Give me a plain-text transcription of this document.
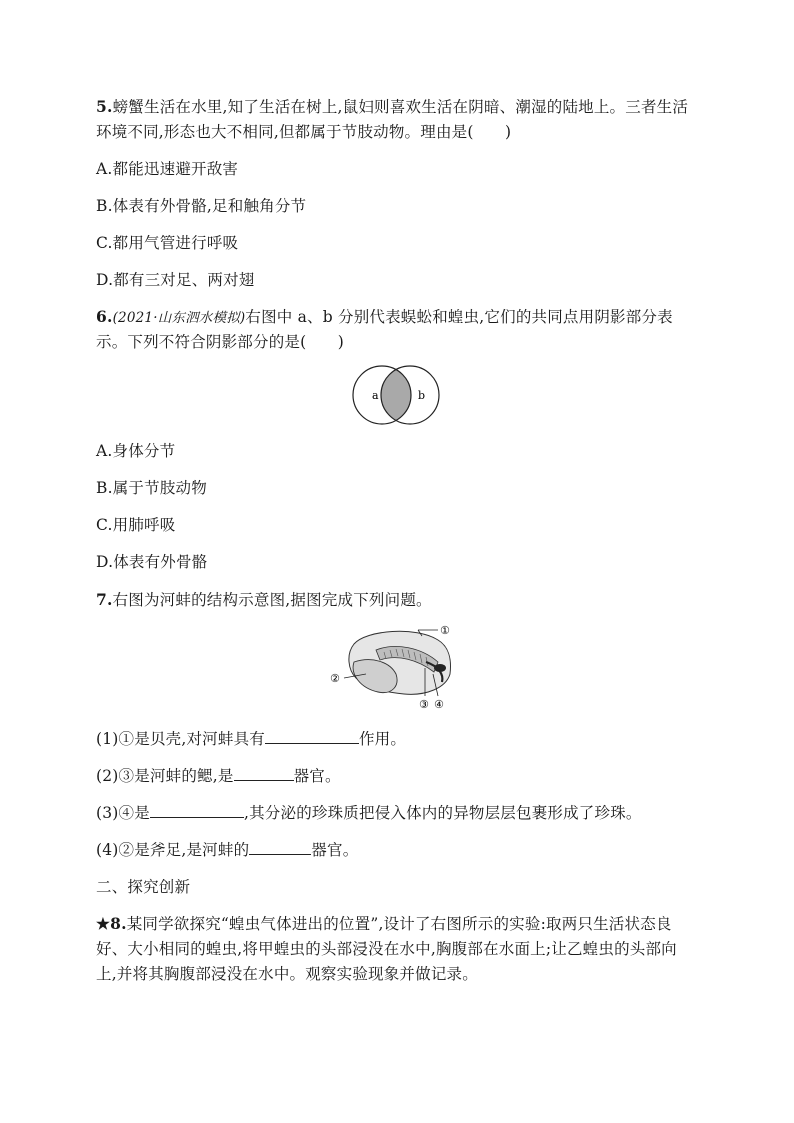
5.螃蟹生活在水里,知了生活在树上,鼠妇则喜欢生活在阴暗、潮湿的陆地上。三者生活
环境不同,形态也大不相同,但都属于节肢动物。理由是(　　)
A.都能迅速避开敌害
B.体表有外骨骼,足和触角分节
C.都用气管进行呼吸
D.都有三对足、两对翅
6.(2021·山东泗水模拟)右图中 a、b 分别代表蜈蚣和蝗虫,它们的共同点用阴影部分表
示。下列不符合阴影部分的是(　　)
a	b
A.身体分节
B.属于节肢动物
C.用肺呼吸
D.体表有外骨骼
7.右图为河蚌的结构示意图,据图完成下列问题。
①
②
③ ④
(1)①是贝壳,对河蚌具有	作用。
(2)③是河蚌的鳃,是	器官。
(3)④是	,其分泌的珍珠质把侵入体内的异物层层包裹形成了珍珠。
(4)②是斧足,是河蚌的	器官。
二、探究创新
★8.某同学欲探究“蝗虫气体进出的位置”,设计了右图所示的实验:取两只生活状态良
好、大小相同的蝗虫,将甲蝗虫的头部浸没在水中,胸腹部在水面上;让乙蝗虫的头部向
上,并将其胸腹部浸没在水中。观察实验现象并做记录。
